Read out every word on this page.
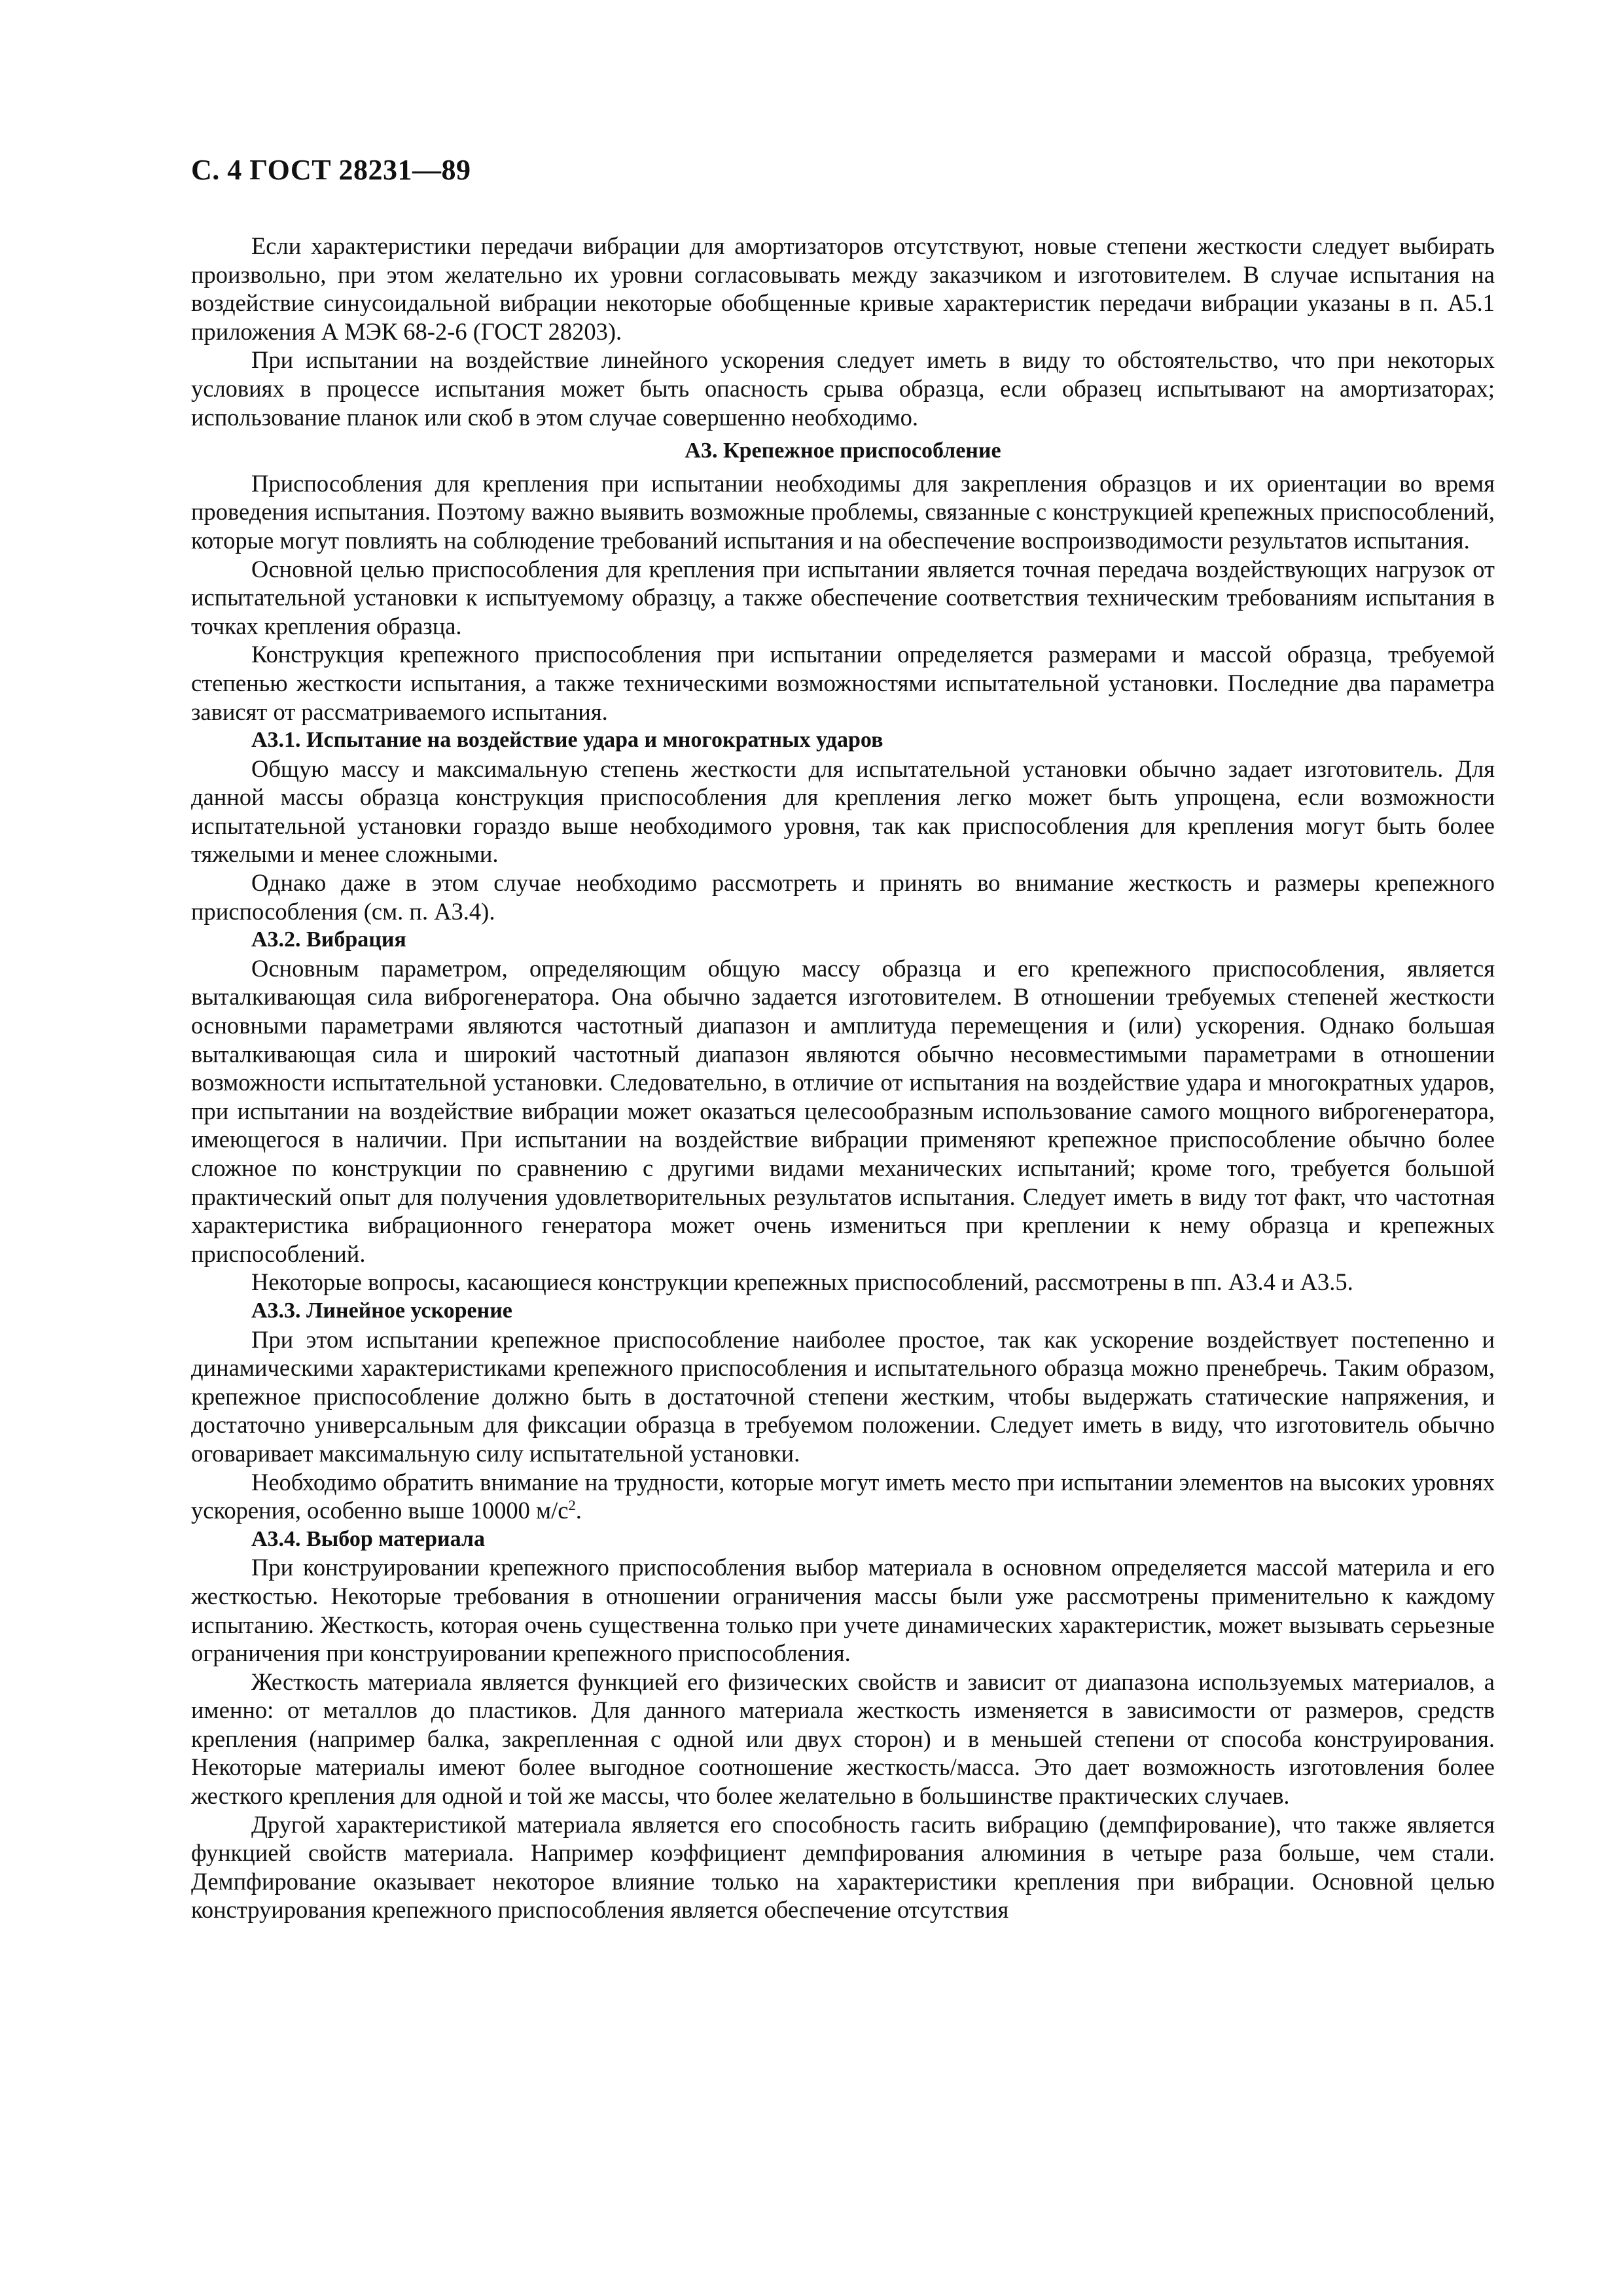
С. 4 ГОСТ 28231—89

Если характеристики передачи вибрации для амортизаторов отсутствуют, новые степени жесткости следует выбирать произвольно, при этом желательно их уровни согласовывать между заказчиком и изготовителем. В случае испытания на воздействие синусоидальной вибрации некоторые обобщенные кривые характеристик передачи вибрации указаны в п. А5.1 приложения А МЭК 68-2-6 (ГОСТ 28203).

При испытании на воздействие линейного ускорения следует иметь в виду то обстоятельство, что при некоторых условиях в процессе испытания может быть опасность срыва образца, если образец испытывают на амортизаторах; использование планок или скоб в этом случае совершенно необходимо.

А3. Крепежное приспособление

Приспособления для крепления при испытании необходимы для закрепления образцов и их ориентации во время проведения испытания. Поэтому важно выявить возможные проблемы, связанные с конструкцией крепежных приспособлений, которые могут повлиять на соблюдение требований испытания и на обеспечение воспроизводимости результатов испытания.

Основной целью приспособления для крепления при испытании является точная передача воздействующих нагрузок от испытательной установки к испытуемому образцу, а также обеспечение соответствия техническим требованиям испытания в точках крепления образца.

Конструкция крепежного приспособления при испытании определяется размерами и массой образца, требуемой степенью жесткости испытания, а также техническими возможностями испытательной установки. Последние два параметра зависят от рассматриваемого испытания.

А3.1. Испытание на воздействие удара и многократных ударов

Общую массу и максимальную степень жесткости для испытательной установки обычно задает изготовитель. Для данной массы образца конструкция приспособления для крепления легко может быть упрощена, если возможности испытательной установки гораздо выше необходимого уровня, так как приспособления для крепления могут быть более тяжелыми и менее сложными.

Однако даже в этом случае необходимо рассмотреть и принять во внимание жесткость и размеры крепежного приспособления (см. п. А3.4).

А3.2. Вибрация

Основным параметром, определяющим общую массу образца и его крепежного приспособления, является выталкивающая сила виброгенератора. Она обычно задается изготовителем. В отношении требуемых степеней жесткости основными параметрами являются частотный диапазон и амплитуда перемещения и (или) ускорения. Однако большая выталкивающая сила и широкий частотный диапазон являются обычно несовместимыми параметрами в отношении возможности испытательной установки. Следовательно, в отличие от испытания на воздействие удара и многократных ударов, при испытании на воздействие вибрации может оказаться целесообразным использование самого мощного виброгенератора, имеющегося в наличии. При испытании на воздействие вибрации применяют крепежное приспособление обычно более сложное по конструкции по сравнению с другими видами механических испытаний; кроме того, требуется большой практический опыт для получения удовлетворительных результатов испытания. Следует иметь в виду тот факт, что частотная характеристика вибрационного генератора может очень измениться при креплении к нему образца и крепежных приспособлений.

Некоторые вопросы, касающиеся конструкции крепежных приспособлений, рассмотрены в пп. А3.4 и А3.5.

А3.3. Линейное ускорение

При этом испытании крепежное приспособление наиболее простое, так как ускорение воздействует постепенно и динамическими характеристиками крепежного приспособления и испытательного образца можно пренебречь. Таким образом, крепежное приспособление должно быть в достаточной степени жестким, чтобы выдержать статические напряжения, и достаточно универсальным для фиксации образца в требуемом положении. Следует иметь в виду, что изготовитель обычно оговаривает максимальную силу испытательной установки.

Необходимо обратить внимание на трудности, которые могут иметь место при испытании элементов на высоких уровнях ускорения, особенно выше 10000 $м/с^2$.

А3.4. Выбор материала

При конструировании крепежного приспособления выбор материала в основном определяется массой материла и его жесткостью. Некоторые требования в отношении ограничения массы были уже рассмотрены применительно к каждому испытанию. Жесткость, которая очень существенна только при учете динамических характеристик, может вызывать серьезные ограничения при конструировании крепежного приспособления.

Жесткость материала является функцией его физических свойств и зависит от диапазона используемых материалов, а именно: от металлов до пластиков. Для данного материала жесткость изменяется в зависимости от размеров, средств крепления (например балка, закрепленная с одной или двух сторон) и в меньшей степени от способа конструирования. Некоторые материалы имеют более выгодное соотношение жесткость/масса. Это дает возможность изготовления более жесткого крепления для одной и той же массы, что более желательно в большинстве практических случаев.

Другой характеристикой материала является его способность гасить вибрацию (демпфирование), что также является функцией свойств материала. Например коэффициент демпфирования алюминия в четыре раза больше, чем стали. Демпфирование оказывает некоторое влияние только на характеристики крепления при вибрации. Основной целью конструирования крепежного приспособления является обеспечение отсутствия
